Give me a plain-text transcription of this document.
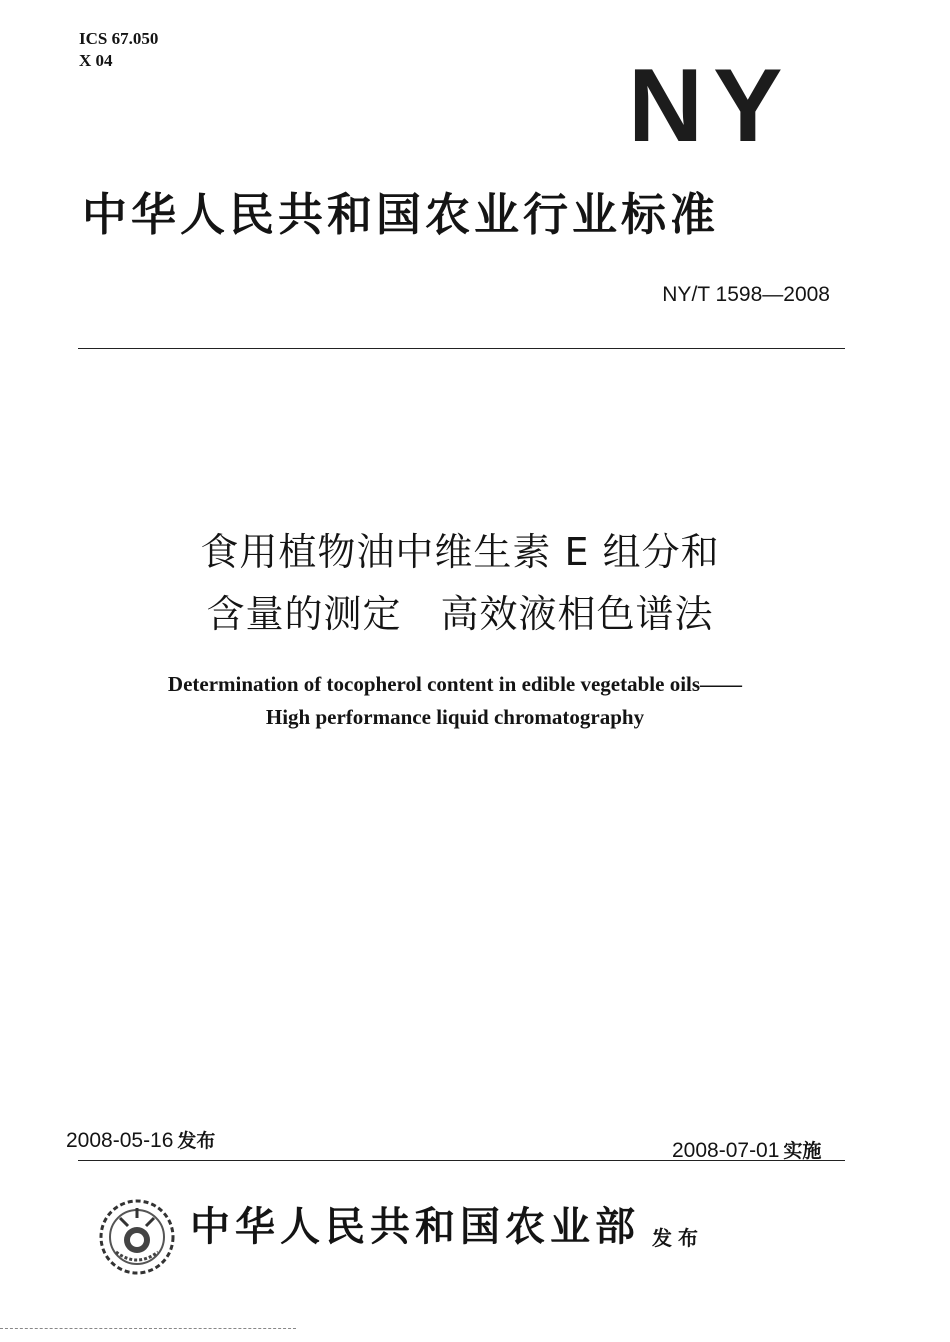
ICS 67.050
X 04	NY
中华人民共和国农业行业标准
NY/T 1598—2008
食用植物油中维生素 E 组分和
含量的测定　高效液相色谱法
Determination of tocopherol content in edible vegetable oils——
High performance liquid chromatography
2008-05-16 发布	2008-07-01 实施
中华人民共和国农业部 发布
